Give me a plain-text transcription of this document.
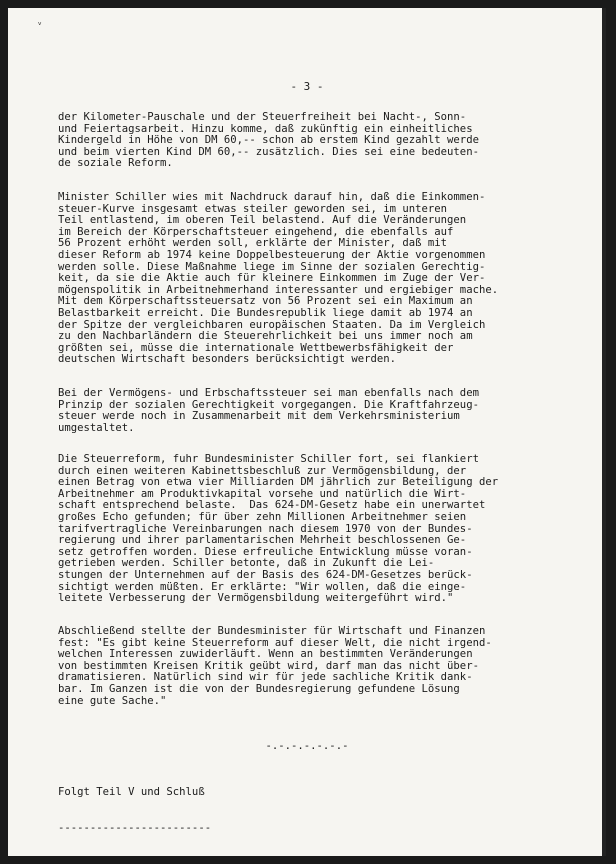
ᵛ
- 3 -
der Kilometer-Pauschale und der Steuerfreiheit bei Nacht-, Sonn-
und Feiertagsarbeit. Hinzu komme, daß zukünftig ein einheitliches
Kindergeld in Höhe von DM 60,-- schon ab erstem Kind gezahlt werde
und beim vierten Kind DM 60,-- zusätzlich. Dies sei eine bedeuten-
de soziale Reform.
Minister Schiller wies mit Nachdruck darauf hin, daß die Einkommen-
steuer-Kurve insgesamt etwas steiler geworden sei, im unteren
Teil entlastend, im oberen Teil belastend. Auf die Veränderungen
im Bereich der Körperschaftsteuer eingehend, die ebenfalls auf
56 Prozent erhöht werden soll, erklärte der Minister, daß mit
dieser Reform ab 1974 keine Doppelbesteuerung der Aktie vorgenommen
werden solle. Diese Maßnahme liege im Sinne der sozialen Gerechtig-
keit, da sie die Aktie auch für kleinere Einkommen im Zuge der Ver-
mögenspolitik in Arbeitnehmerhand interessanter und ergiebiger mache.
Mit dem Körperschaftssteuersatz von 56 Prozent sei ein Maximum an
Belastbarkeit erreicht. Die Bundesrepublik liege damit ab 1974 an
der Spitze der vergleichbaren europäischen Staaten. Da im Vergleich
zu den Nachbarländern die Steuerehrlichkeit bei uns immer noch am
größten sei, müsse die internationale Wettbewerbsfähigkeit der
deutschen Wirtschaft besonders berücksichtigt werden.
Bei der Vermögens- und Erbschaftssteuer sei man ebenfalls nach dem
Prinzip der sozialen Gerechtigkeit vorgegangen. Die Kraftfahrzeug-
steuer werde noch in Zusammenarbeit mit dem Verkehrsministerium
umgestaltet.
Die Steuerreform, fuhr Bundesminister Schiller fort, sei flankiert
durch einen weiteren Kabinettsbeschluß zur Vermögensbildung, der
einen Betrag von etwa vier Milliarden DM jährlich zur Beteiligung der
Arbeitnehmer am Produktivkapital vorsehe und natürlich die Wirt-
schaft entsprechend belaste.  Das 624-DM-Gesetz habe ein unerwartet
großes Echo gefunden; für über zehn Millionen Arbeitnehmer seien
tarifvertragliche Vereinbarungen nach diesem 1970 von der Bundes-
regierung und ihrer parlamentarischen Mehrheit beschlossenen Ge-
setz getroffen worden. Diese erfreuliche Entwicklung müsse voran-
getrieben werden. Schiller betonte, daß in Zukunft die Lei-
stungen der Unternehmen auf der Basis des 624-DM-Gesetzes berück-
sichtigt werden müßten. Er erklärte: "Wir wollen, daß die einge-
leitete Verbesserung der Vermögensbildung weitergeführt wird."
Abschließend stellte der Bundesminister für Wirtschaft und Finanzen
fest: "Es gibt keine Steuerreform auf dieser Welt, die nicht irgend-
welchen Interessen zuwiderläuft. Wenn an bestimmten Veränderungen
von bestimmten Kreisen Kritik geübt wird, darf man das nicht über-
dramatisieren. Natürlich sind wir für jede sachliche Kritik dank-
bar. Im Ganzen ist die von der Bundesregierung gefundene Lösung
eine gute Sache."
-.-.-.-.-.-.-

Folgt Teil V und Schluß

------------------------
